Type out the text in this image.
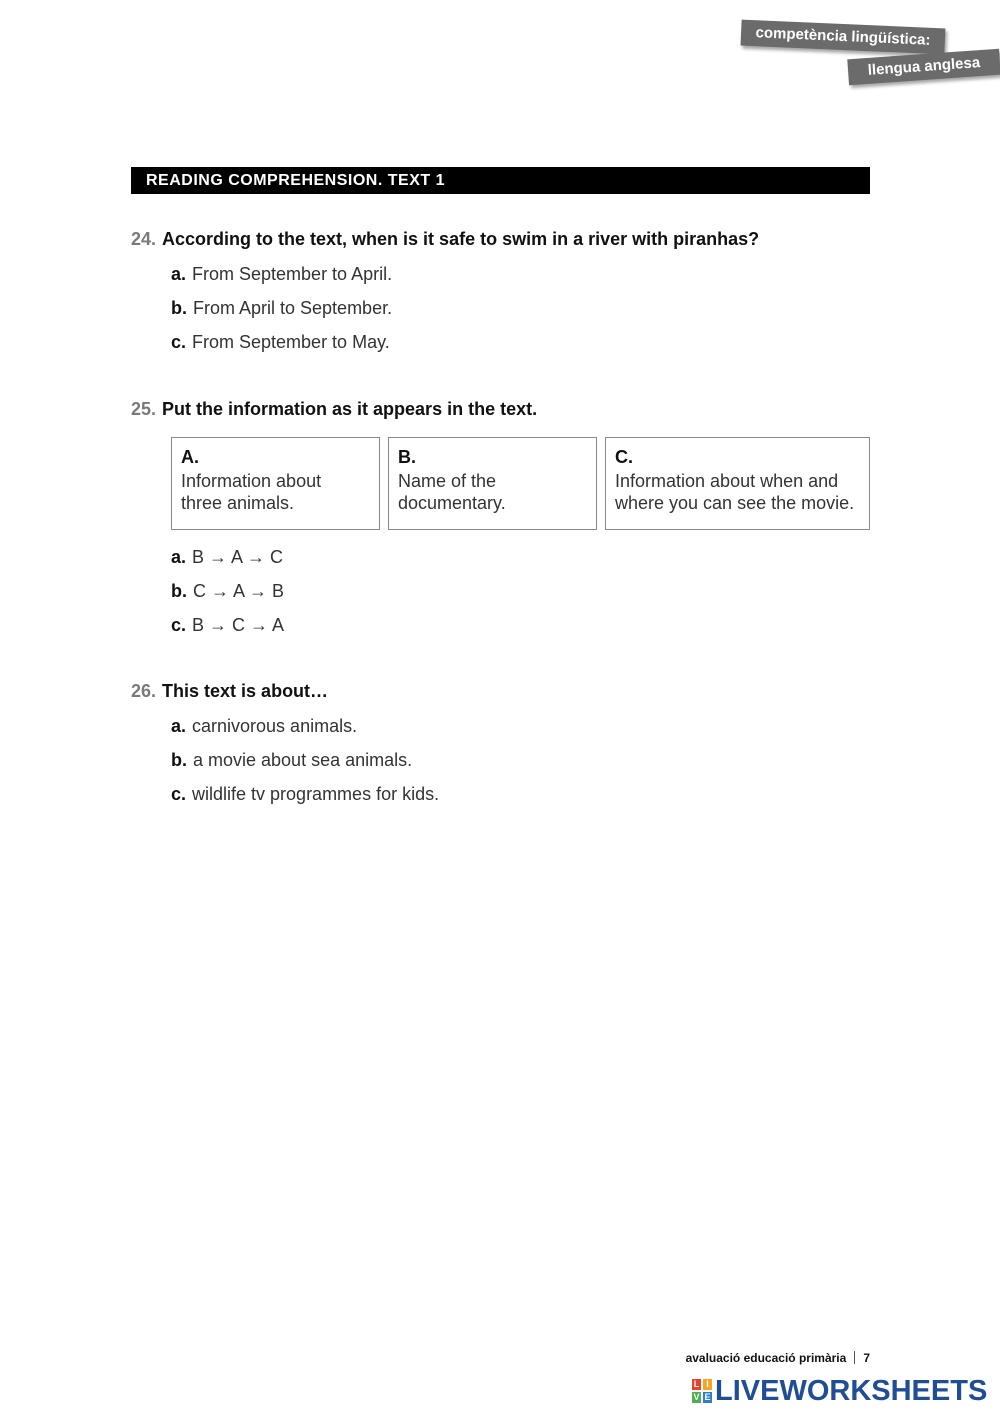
competència lingüística:
llengua anglesa
READING COMPREHENSION. TEXT 1
24. According to the text, when is it safe to swim in a river with piranhas?
a. From September to April.
b. From April to September.
c. From September to May.
25. Put the information as it appears in the text.
A.
Information about
three animals.
B.
Name of the
documentary.
C.
Information about when and
where you can see the movie.
a. B → A → C
b. C → A → B
c. B → C → A
26. This text is about…
a. carnivorous animals.
b. a movie about sea animals.
c. wildlife tv programmes for kids.
avaluació educació primària 7
L I
V E LIVEWORKSHEETS
